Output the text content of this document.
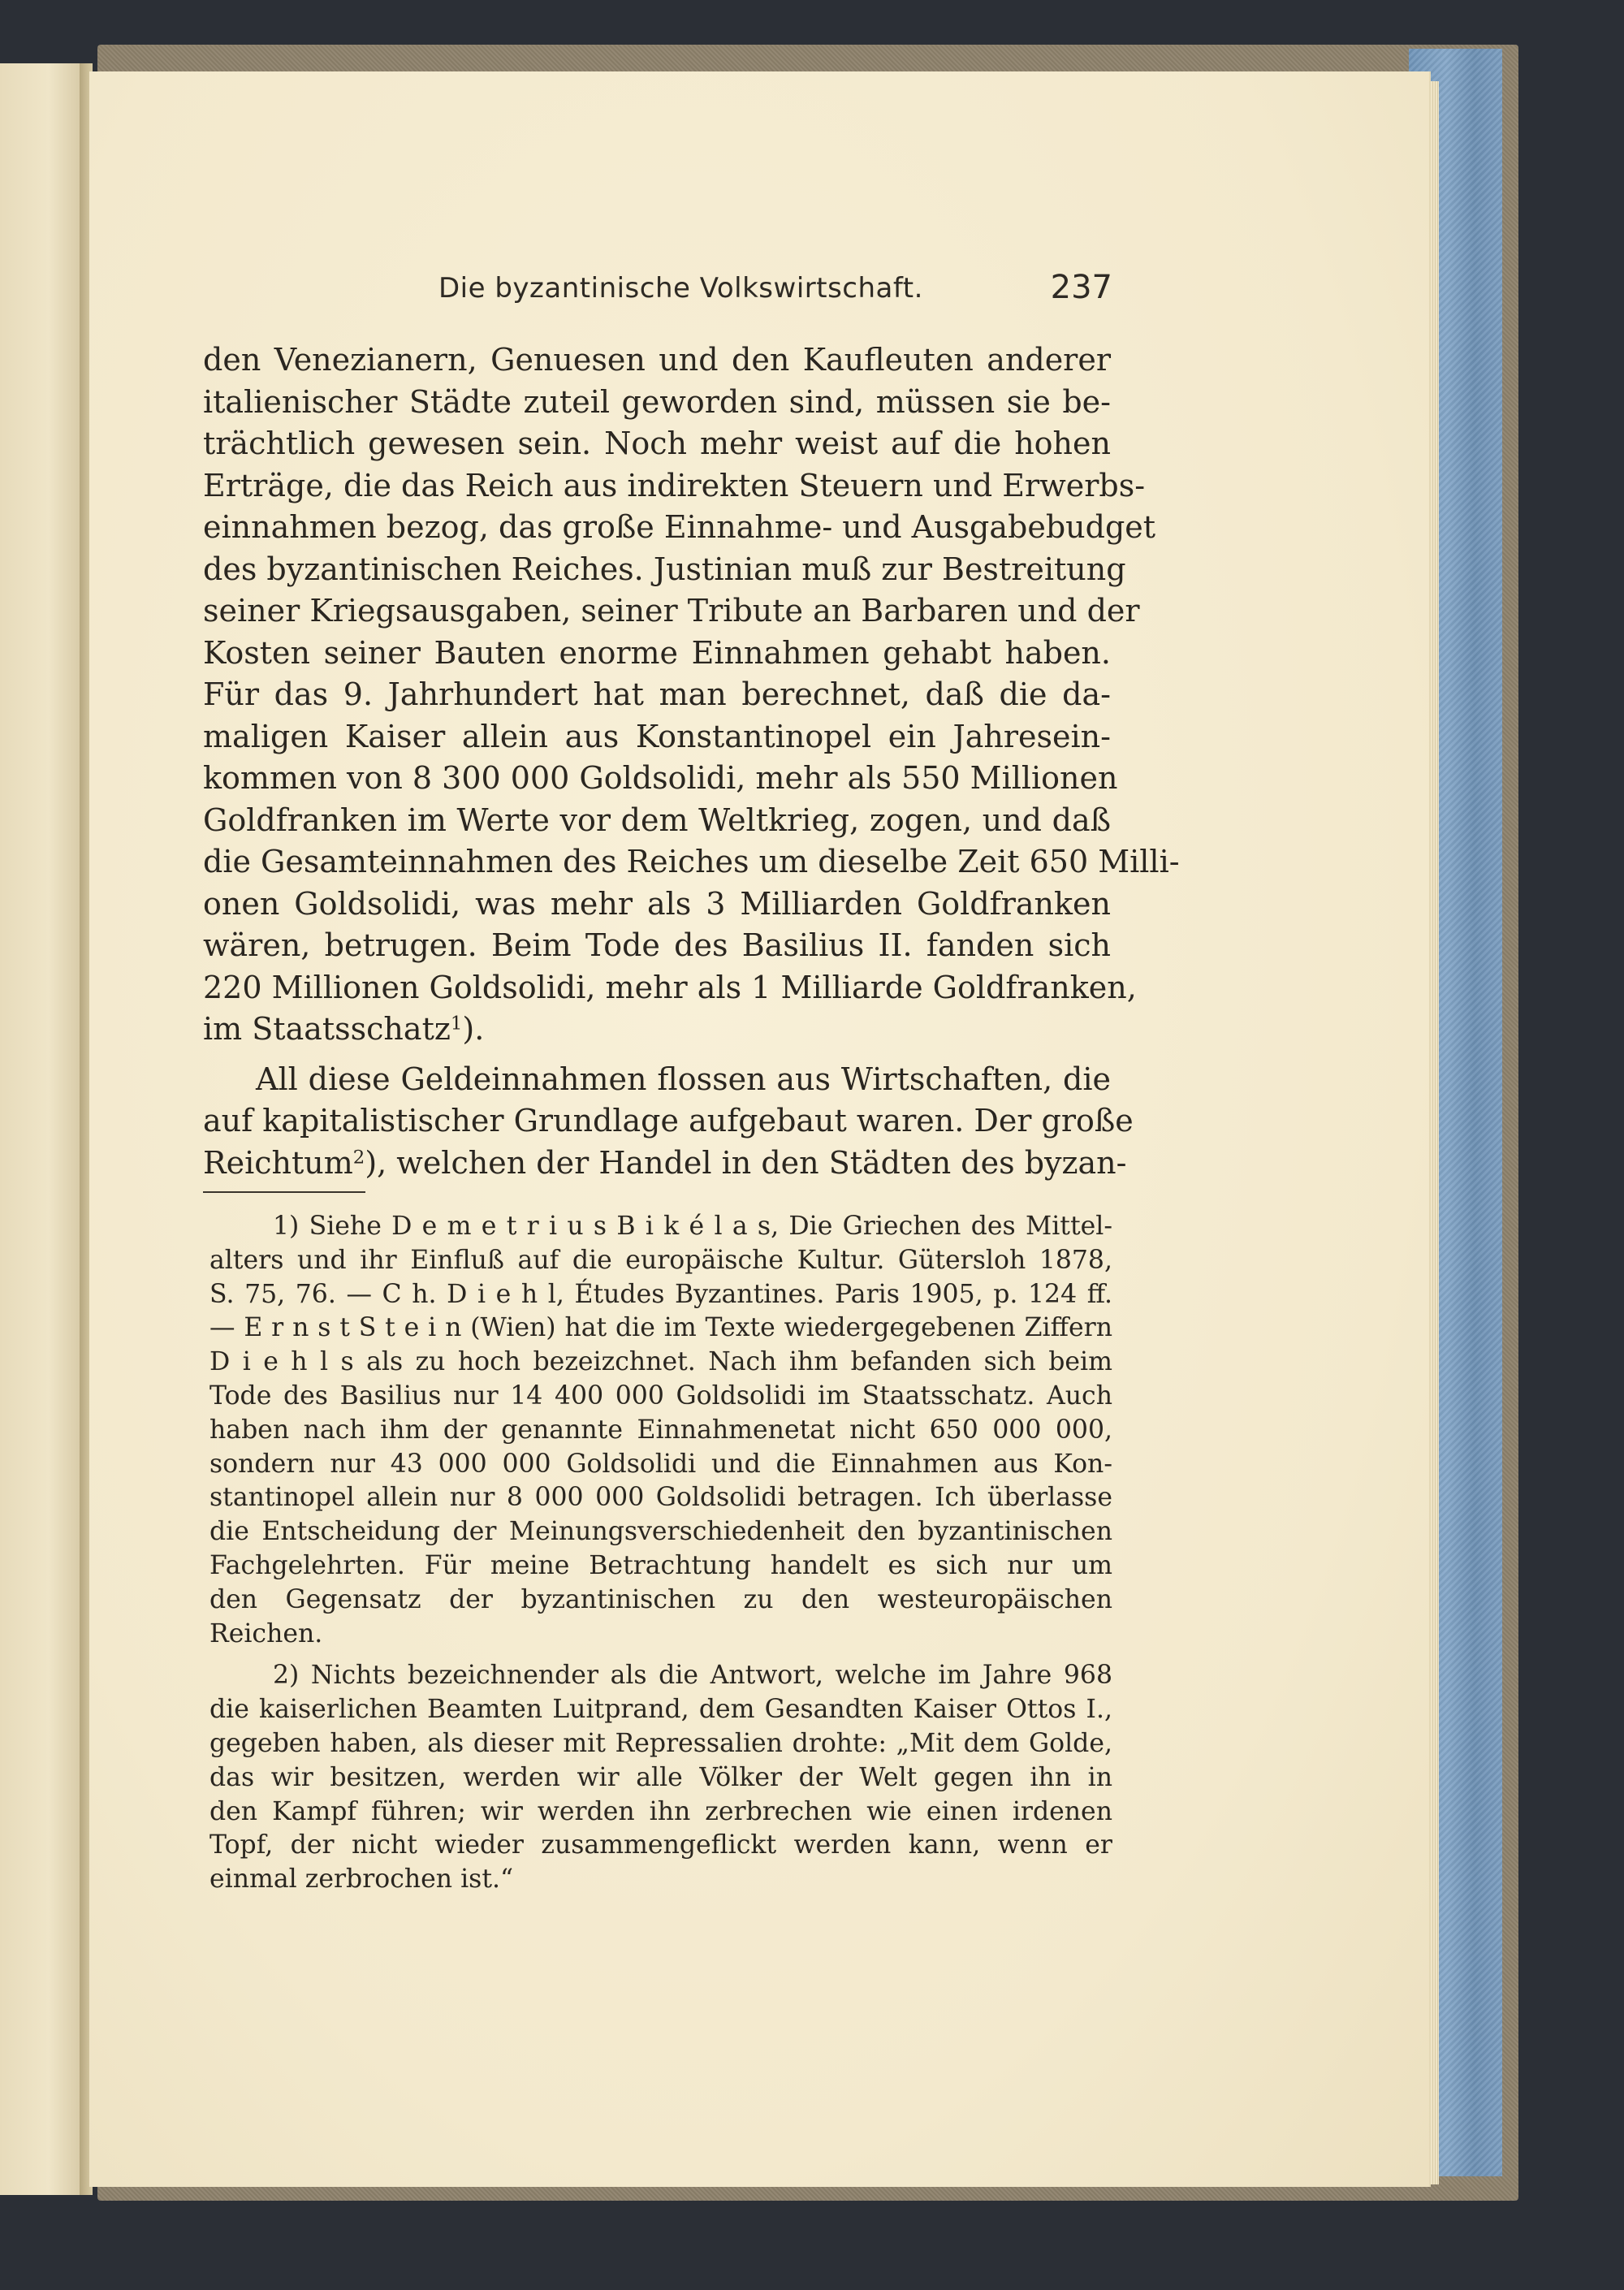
Die byzantinische Volkswirtschaft.	237
den Venezianern, Genuesen und den Kaufleuten anderer
italienischer Städte zuteil geworden sind, müssen sie be-
trächtlich gewesen sein. Noch mehr weist auf die hohen
Erträge, die das Reich aus indirekten Steuern und Erwerbs-
einnahmen bezog, das große Einnahme- und Ausgabebudget
des byzantinischen Reiches. Justinian muß zur Bestreitung
seiner Kriegsausgaben, seiner Tribute an Barbaren und der
Kosten seiner Bauten enorme Einnahmen gehabt haben.
Für das 9. Jahrhundert hat man berechnet, daß die da-
maligen Kaiser allein aus Konstantinopel ein Jahresein-
kommen von 8 300 000 Goldsolidi, mehr als 550 Millionen
Goldfranken im Werte vor dem Weltkrieg, zogen, und daß
die Gesamteinnahmen des Reiches um dieselbe Zeit 650 Milli-
onen Goldsolidi, was mehr als 3 Milliarden Goldfranken
wären, betrugen. Beim Tode des Basilius II. fanden sich
220 Millionen Goldsolidi, mehr als 1 Milliarde Goldfranken,
im Staatsschatz$^1$).
All diese Geldeinnahmen flossen aus Wirtschaften, die
auf kapitalistischer Grundlage aufgebaut waren. Der große
Reichtum$^2$), welchen der Handel in den Städten des byzan-
1) Siehe D e m e t r i u s B i k é l a s, Die Griechen des Mittel-
alters und ihr Einfluß auf die europäische Kultur. Gütersloh 1878,
S. 75, 76. — C h. D i e h l, Études Byzantines. Paris 1905, p. 124 ff.
— E r n s t S t e i n (Wien) hat die im Texte wiedergegebenen Ziffern
D i e h l s als zu hoch bezeizchnet. Nach ihm befanden sich beim
Tode des Basilius nur 14 400 000 Goldsolidi im Staatsschatz. Auch
haben nach ihm der genannte Einnahmenetat nicht 650 000 000,
sondern nur 43 000 000 Goldsolidi und die Einnahmen aus Kon-
stantinopel allein nur 8 000 000 Goldsolidi betragen. Ich überlasse
die Entscheidung der Meinungsverschiedenheit den byzantinischen
Fachgelehrten. Für meine Betrachtung handelt es sich nur um
den Gegensatz der byzantinischen zu den westeuropäischen
Reichen.
2) Nichts bezeichnender als die Antwort, welche im Jahre 968
die kaiserlichen Beamten Luitprand, dem Gesandten Kaiser Ottos I.,
gegeben haben, als dieser mit Repressalien drohte: „Mit dem Golde,
das wir besitzen, werden wir alle Völker der Welt gegen ihn in
den Kampf führen; wir werden ihn zerbrechen wie einen irdenen
Topf, der nicht wieder zusammengeflickt werden kann, wenn er
einmal zerbrochen ist.“
